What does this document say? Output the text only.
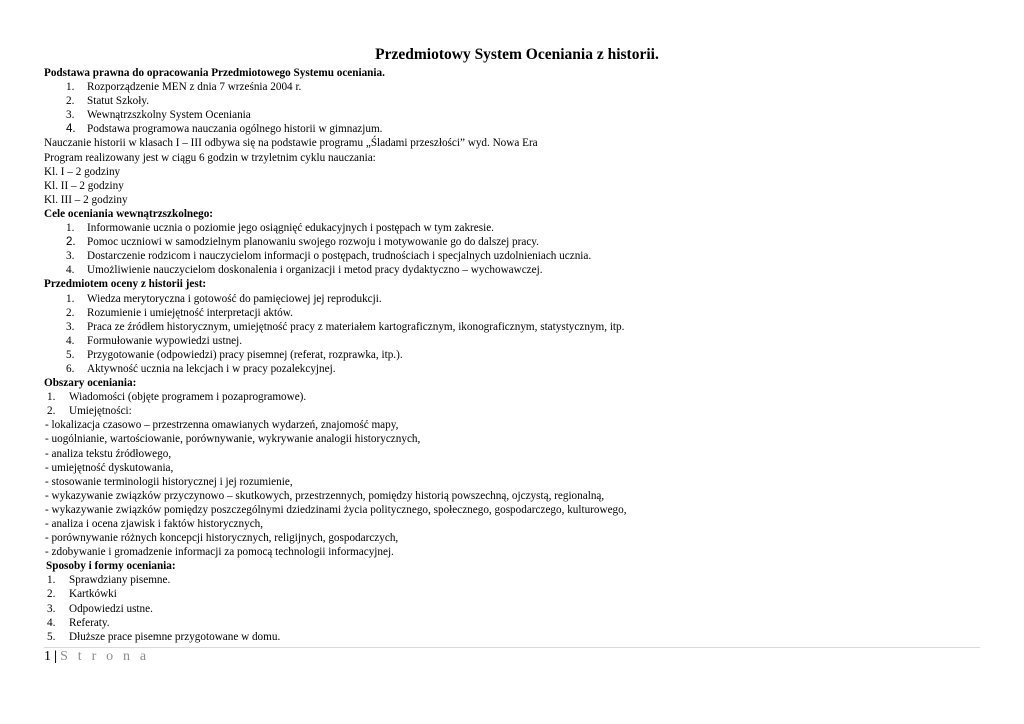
Przedmiotowy System Oceniania z historii.
Podstawa prawna do opracowania Przedmiotowego Systemu oceniania.
1. Rozporządzenie MEN z dnia 7 września 2004 r.
2. Statut Szkoły.
3. Wewnątrzszkolny System Oceniania
4. Podstawa programowa nauczania ogólnego historii w gimnazjum.
Nauczanie historii w klasach I – III odbywa się na podstawie programu „Śladami przeszłości” wyd. Nowa Era
Program realizowany jest w ciągu 6 godzin w trzyletnim cyklu nauczania:
Kl. I – 2 godziny
Kl. II – 2 godziny
Kl. III – 2 godziny
Cele oceniania wewnątrzszkolnego:
1. Informowanie ucznia o poziomie jego osiągnięć edukacyjnych i postępach w tym zakresie.
2. Pomoc uczniowi w samodzielnym planowaniu swojego rozwoju i motywowanie go do dalszej pracy.
3. Dostarczenie rodzicom i nauczycielom informacji o postępach, trudnościach i specjalnych uzdolnieniach ucznia.
4. Umożliwienie nauczycielom doskonalenia i organizacji i metod pracy dydaktyczno – wychowawczej.
Przedmiotem oceny z historii jest:
1. Wiedza merytoryczna i gotowość do pamięciowej jej reprodukcji.
2. Rozumienie i umiejętność interpretacji aktów.
3. Praca ze źródłem historycznym, umiejętność pracy z materiałem kartograficznym, ikonograficznym, statystycznym, itp.
4. Formułowanie wypowiedzi ustnej.
5. Przygotowanie (odpowiedzi) pracy pisemnej (referat, rozprawka, itp.).
6. Aktywność ucznia na lekcjach i w pracy pozalekcyjnej.
Obszary oceniania:
1. Wiadomości (objęte programem i pozaprogramowe).
2. Umiejętności:
- lokalizacja czasowo – przestrzenna omawianych wydarzeń, znajomość mapy,
- uogólnianie, wartościowanie, porównywanie, wykrywanie analogii historycznych,
- analiza tekstu źródłowego,
- umiejętność dyskutowania,
- stosowanie terminologii historycznej i jej rozumienie,
- wykazywanie związków przyczynowo – skutkowych, przestrzennych, pomiędzy historią powszechną, ojczystą, regionalną,
- wykazywanie związków pomiędzy poszczególnymi dziedzinami życia politycznego, społecznego, gospodarczego, kulturowego,
- analiza i ocena zjawisk i faktów historycznych,
- porównywanie różnych koncepcji historycznych, religijnych, gospodarczych,
- zdobywanie i gromadzenie informacji za pomocą technologii informacyjnej.
Sposoby i formy oceniania:
1. Sprawdziany pisemne.
2. Kartkówki
3. Odpowiedzi ustne.
4. Referaty.
5. Dłuższe prace pisemne przygotowane w domu.
1 | S t r o n a
